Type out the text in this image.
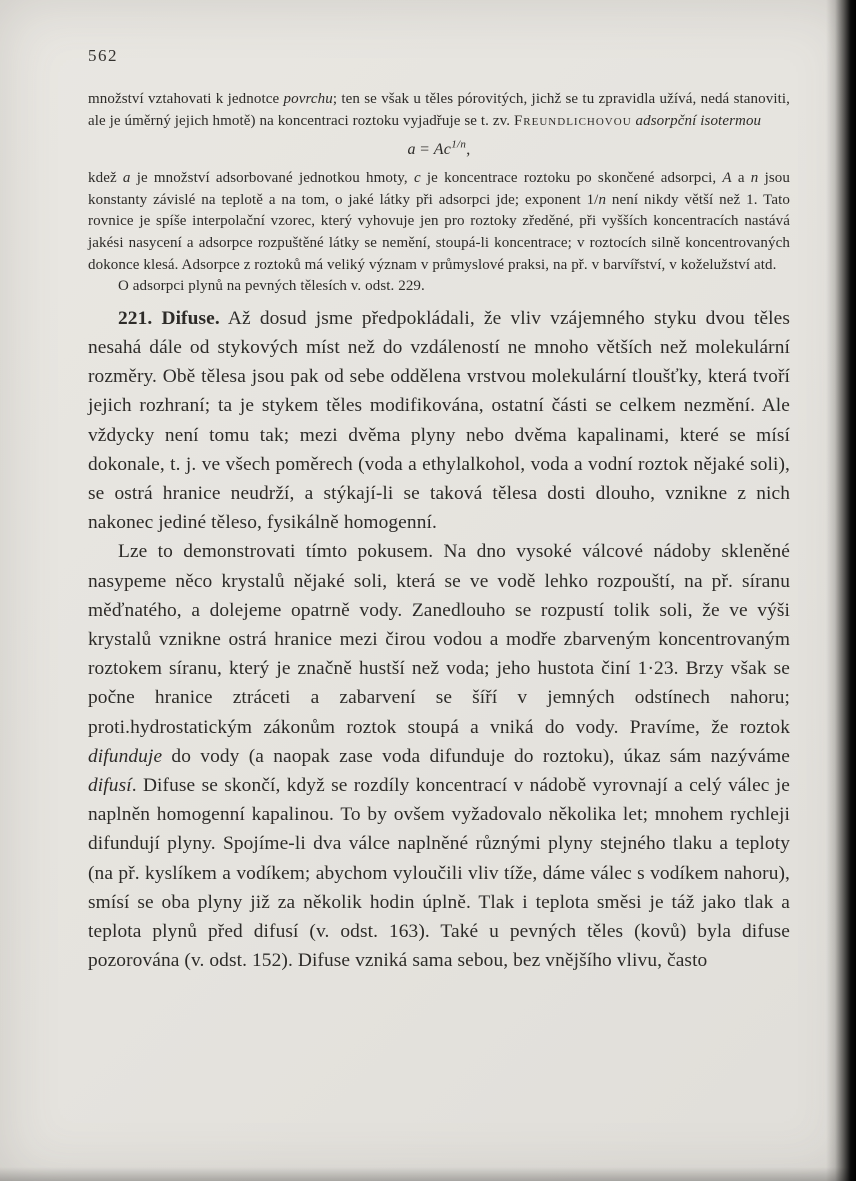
562

množství vztahovati k jednotce povrchu; ten se však u těles pórovitých, jichž se tu zpravidla užívá, nedá stanoviti, ale je úměrný jejich hmotě) na koncentraci roztoku vyjadřuje se t. zv. Freundlichovou adsorpční isotermou

$a = Ac^{1/n}$,

kdež a je množství adsorbované jednotkou hmoty, c je koncentrace roztoku po skončené adsorpci, A a n jsou konstanty závislé na teplotě a na tom, o jaké látky při adsorpci jde; exponent 1/n není nikdy větší než 1. Tato rovnice je spíše interpolační vzorec, který vyhovuje jen pro roztoky zředěné, při vyšších koncentracích nastává jakési nasycení a adsorpce rozpuštěné látky se nemění, stoupá-li koncentrace; v roztocích silně koncentrovaných dokonce klesá. Adsorpce z roztoků má veliký význam v průmyslové praksi, na př. v barvířství, v koželužství atd.

O adsorpci plynů na pevných tělesích v. odst. 229.

221. Difuse. Až dosud jsme předpokládali, že vliv vzájemného styku dvou těles nesahá dále od stykových míst než do vzdáleností ne mnoho větších než molekulární rozměry. Obě tělesa jsou pak od sebe oddělena vrstvou molekulární tloušťky, která tvoří jejich rozhraní; ta je stykem těles modifikována, ostatní části se celkem nezmění. Ale vždycky není tomu tak; mezi dvěma plyny nebo dvěma kapalinami, které se mísí dokonale, t. j. ve všech poměrech (voda a ethylalkohol, voda a vodní roztok nějaké soli), se ostrá hranice neudrží, a stýkají-li se taková tělesa dosti dlouho, vznikne z nich nakonec jediné těleso, fysikálně homogenní.

Lze to demonstrovati tímto pokusem. Na dno vysoké válcové nádoby skleněné nasypeme něco krystalů nějaké soli, která se ve vodě lehko rozpouští, na př. síranu měďnatého, a dolejeme opatrně vody. Zanedlouho se rozpustí tolik soli, že ve výši krystalů vznikne ostrá hranice mezi čirou vodou a modře zbarveným koncentrovaným roztokem síranu, který je značně hustší než voda; jeho hustota činí 1·23. Brzy však se počne hranice ztráceti a zabarvení se šíří v jemných odstínech nahoru; proti.hydrostatickým zákonům roztok stoupá a vniká do vody. Pravíme, že roztok difunduje do vody (a naopak zase voda difunduje do roztoku), úkaz sám nazýváme difusí. Difuse se skončí, když se rozdíly koncentrací v nádobě vyrovnají a celý válec je naplněn homogenní kapalinou. To by ovšem vyžadovalo několika let; mnohem rychleji difundují plyny. Spojíme-li dva válce naplněné různými plyny stejného tlaku a teploty (na př. kyslíkem a vodíkem; abychom vyloučili vliv tíže, dáme válec s vodíkem nahoru), smísí se oba plyny již za několik hodin úplně. Tlak i teplota směsi je táž jako tlak a teplota plynů před difusí (v. odst. 163). Také u pevných těles (kovů) byla difuse pozorována (v. odst. 152). Difuse vzniká sama sebou, bez vnějšího vlivu, často
